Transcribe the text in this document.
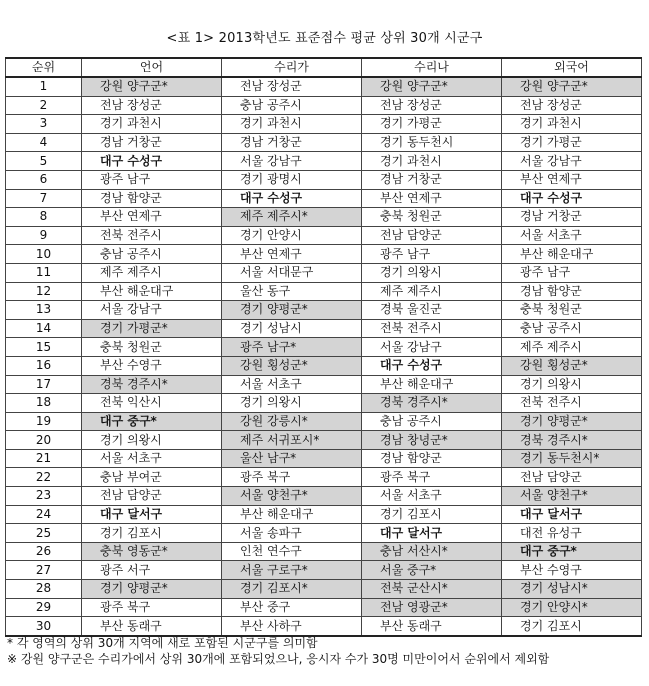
<표 1> 2013학년도 표준점수 평균 상위 30개 시군구
순위	언어	수리가	수리나	외국어
1	강원 양구군*	전남 장성군	강원 양구군*	강원 양구군*
2	전남 장성군	충남 공주시	전남 장성군	전남 장성군
3	경기 과천시	경기 과천시	경기 가평군	경기 과천시
4	경남 거창군	경남 거창군	경기 동두천시	경기 가평군
5	대구 수성구	서울 강남구	경기 과천시	서울 강남구
6	광주 남구	경기 광명시	경남 거창군	부산 연제구
7	경남 함양군	대구 수성구	부산 연제구	대구 수성구
8	부산 연제구	제주 제주시*	충북 청원군	경남 거창군
9	전북 전주시	경기 안양시	전남 담양군	서울 서초구
10	충남 공주시	부산 연제구	광주 남구	부산 해운대구
11	제주 제주시	서울 서대문구	경기 의왕시	광주 남구
12	부산 해운대구	울산 동구	제주 제주시	경남 함양군
13	서울 강남구	경기 양평군*	경북 울진군	충북 청원군
14	경기 가평군*	경기 성남시	전북 전주시	충남 공주시
15	충북 청원군	광주 남구*	서울 강남구	제주 제주시
16	부산 수영구	강원 횡성군*	대구 수성구	강원 횡성군*
17	경북 경주시*	서울 서초구	부산 해운대구	경기 의왕시
18	전북 익산시	경기 의왕시	경북 경주시*	전북 전주시
19	대구 중구*	강원 강릉시*	충남 공주시	경기 양평군*
20	경기 의왕시	제주 서귀포시*	경남 창녕군*	경북 경주시*
21	서울 서초구	울산 남구*	경남 함양군	경기 동두천시*
22	충남 부여군	광주 북구	광주 북구	전남 담양군
23	전남 담양군	서울 양천구*	서울 서초구	서울 양천구*
24	대구 달서구	부산 해운대구	경기 김포시	대구 달서구
25	경기 김포시	서울 송파구	대구 달서구	대전 유성구
26	충북 영동군*	인천 연수구	충남 서산시*	대구 중구*
27	광주 서구	서울 구로구*	서울 중구*	부산 수영구
28	경기 양평군*	경기 김포시*	전북 군산시*	경기 성남시*
29	광주 북구	부산 중구	전남 영광군*	경기 안양시*
30	부산 동래구	부산 사하구	부산 동래구	경기 김포시
* 각 영역의 상위 30개 지역에 새로 포함된 시군구를 의미함
※ 강원 양구군은 수리가에서 상위 30개에 포함되었으나, 응시자 수가 30명 미만이어서 순위에서 제외함
